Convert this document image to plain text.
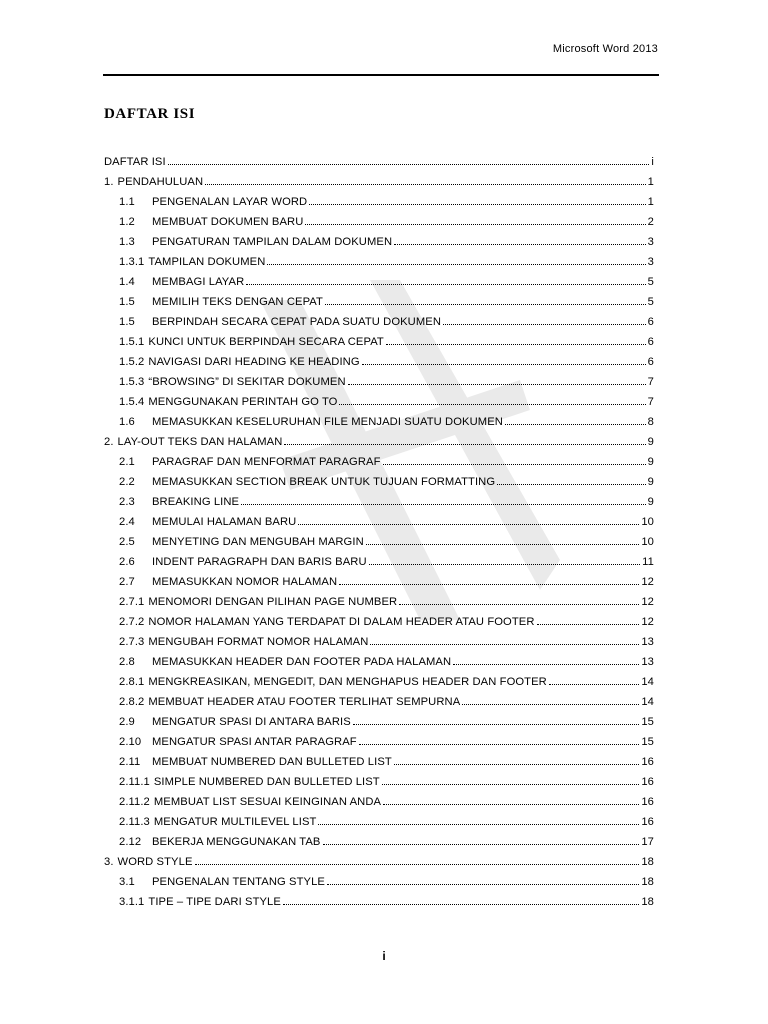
Microsoft Word 2013
DAFTAR ISI
DAFTAR ISI	i
1. PENDAHULUAN	1
1.1	PENGENALAN LAYAR WORD	1
1.2	MEMBUAT DOKUMEN BARU	2
1.3	PENGATURAN TAMPILAN DALAM DOKUMEN	3
1.3.1 TAMPILAN DOKUMEN	3
1.4	MEMBAGI LAYAR	5
1.5	MEMILIH TEKS DENGAN CEPAT	5
1.5	BERPINDAH SECARA CEPAT PADA SUATU DOKUMEN	6
1.5.1 KUNCI UNTUK BERPINDAH SECARA CEPAT	6
1.5.2 NAVIGASI DARI HEADING KE HEADING	6
1.5.3 “BROWSING” DI SEKITAR DOKUMEN	7
1.5.4 MENGGUNAKAN PERINTAH GO TO	7
1.6	MEMASUKKAN KESELURUHAN FILE MENJADI SUATU DOKUMEN	8
2. LAY-OUT TEKS DAN HALAMAN	9
2.1	PARAGRAF DAN MENFORMAT PARAGRAF	9
2.2	MEMASUKKAN SECTION BREAK UNTUK TUJUAN FORMATTING	9
2.3	BREAKING LINE	9
2.4	MEMULAI HALAMAN BARU	10
2.5	MENYETING DAN MENGUBAH MARGIN	10
2.6	INDENT PARAGRAPH DAN BARIS BARU	11
2.7	MEMASUKKAN NOMOR HALAMAN	12
2.7.1 MENOMORI DENGAN PILIHAN PAGE NUMBER	12
2.7.2 NOMOR HALAMAN YANG TERDAPAT DI DALAM HEADER ATAU FOOTER	12
2.7.3 MENGUBAH FORMAT NOMOR HALAMAN	13
2.8	MEMASUKKAN HEADER DAN FOOTER PADA HALAMAN	13
2.8.1 MENGKREASIKAN, MENGEDIT, DAN MENGHAPUS HEADER DAN FOOTER	14
2.8.2 MEMBUAT HEADER ATAU FOOTER TERLIHAT SEMPURNA	14
2.9	MENGATUR SPASI DI ANTARA BARIS	15
2.10 MENGATUR SPASI ANTAR PARAGRAF	15
2.11	MEMBUAT NUMBERED DAN BULLETED LIST	16
2.11.1 SIMPLE NUMBERED DAN BULLETED LIST	16
2.11.2 MEMBUAT LIST SESUAI KEINGINAN ANDA	16
2.11.3 MENGATUR MULTILEVEL LIST	16
2.12 BEKERJA MENGGUNAKAN TAB	17
3. WORD STYLE	18
3.1	PENGENALAN TENTANG STYLE	18
3.1.1 TIPE – TIPE DARI STYLE	18
i
